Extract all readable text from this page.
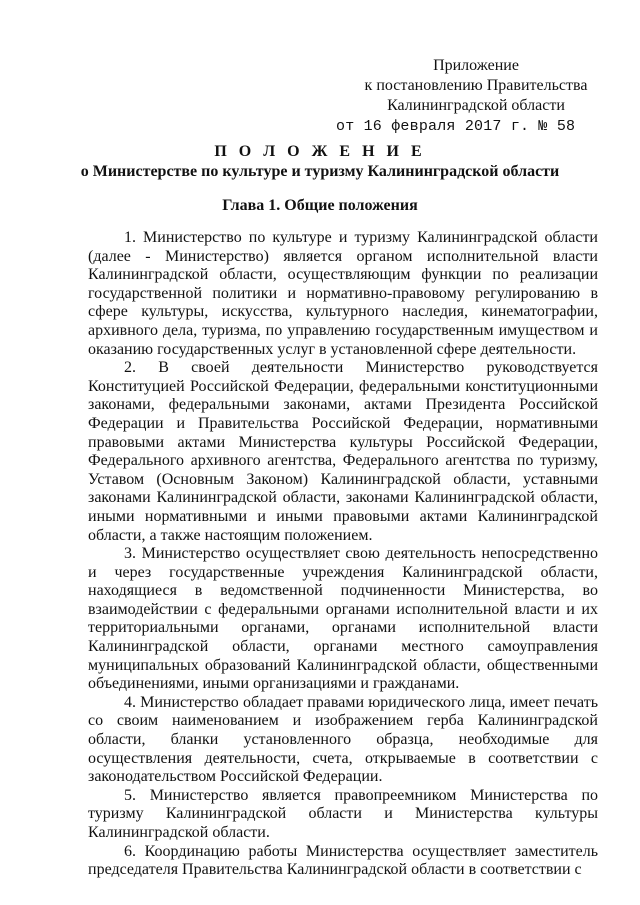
Приложение
к постановлению Правительства
Калининградской области
от 16 февраля 2017 г. № 58
П О Л О Ж Е Н И Е
о Министерстве по культуре и туризму Калининградской области
Глава 1. Общие положения

1. Министерство по культуре и туризму Калининградской области (далее - Министерство) является органом исполнительной власти Калининградской области, осуществляющим функции по реализации государственной политики и нормативно-правовому регулированию в сфере культуры, искусства, культурного наследия, кинематографии, архивного дела, туризма, по управлению государственным имуществом и оказанию государственных услуг в установленной сфере деятельности.

2. В своей деятельности Министерство руководствуется Конституцией Российской Федерации, федеральными конституционными законами, федеральными законами, актами Президента Российской Федерации и Правительства Российской Федерации, нормативными правовыми актами Министерства культуры Российской Федерации, Федерального архивного агентства, Федерального агентства по туризму, Уставом (Основным Законом) Калининградской области, уставными законами Калининградской области, законами Калининградской области, иными нормативными и иными правовыми актами Калининградской области, а также настоящим положением.

3. Министерство осуществляет свою деятельность непосредственно и через государственные учреждения Калининградской области, находящиеся в ведомственной подчиненности Министерства, во взаимодействии с федеральными органами исполнительной власти и их территориальными органами, органами исполнительной власти Калининградской области, органами местного самоуправления муниципальных образований Калининградской области, общественными объединениями, иными организациями и гражданами.

4. Министерство обладает правами юридического лица, имеет печать со своим наименованием и изображением герба Калининградской области, бланки установленного образца, необходимые для осуществления деятельности, счета, открываемые в соответствии с законодательством Российской Федерации.

5. Министерство является правопреемником Министерства по туризму Калининградской области и Министерства культуры Калининградской области.

6. Координацию работы Министерства осуществляет заместитель председателя Правительства Калининградской области в соответствии с
